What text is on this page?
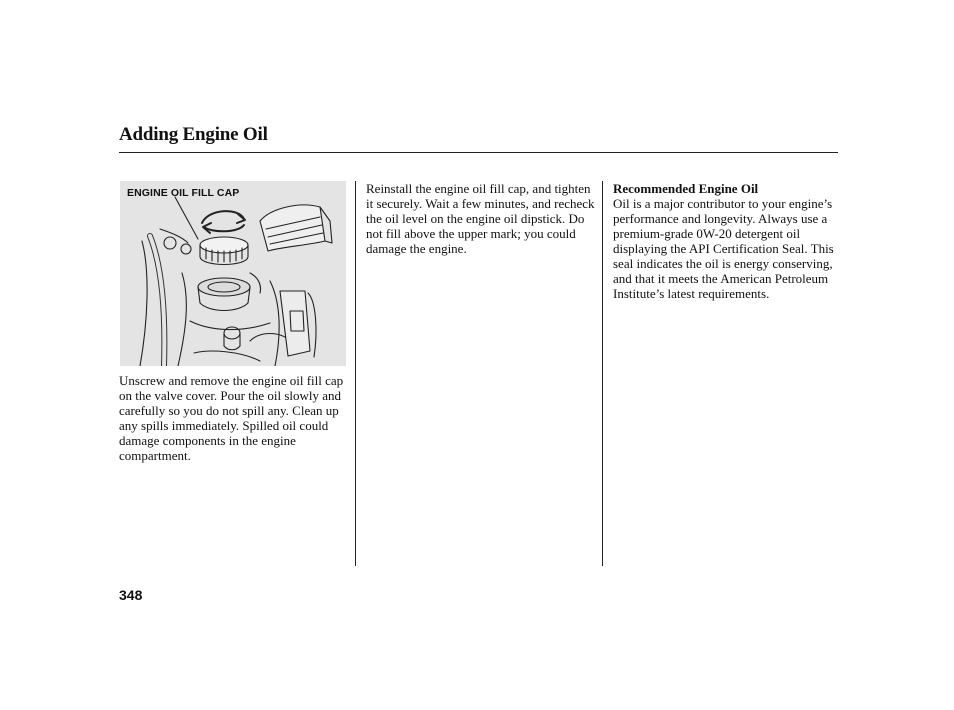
Adding Engine Oil
ENGINE OIL FILL CAP

Unscrew and remove the engine oil fill cap on the valve cover. Pour the oil slowly and carefully so you do not spill any. Clean up any spills immediately. Spilled oil could damage components in the engine compartment.

Reinstall the engine oil fill cap, and tighten it securely. Wait a few minutes, and recheck the oil level on the engine oil dipstick. Do not fill above the upper mark; you could damage the engine.

Recommended Engine Oil
Oil is a major contributor to your engine’s performance and longevity. Always use a premium-grade 0W-20 detergent oil displaying the API Certification Seal. This seal indicates the oil is energy conserving, and that it meets the American Petroleum Institute’s latest requirements.
348
